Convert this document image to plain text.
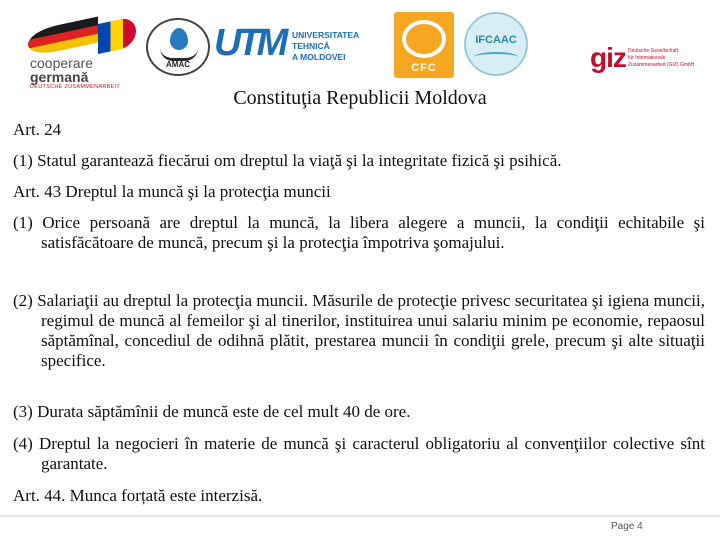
cooperare
germană
DEUTSCHE ZUSAMMENARBEIT
AMAC
UTM UNIVERSITATEA TEHNICĂ
A MOLDOVEI
CFC
IFCAAC
giz Deutsche Gesellschaft
für Internationale
Zusammenarbeit (GIZ) GmbH
Constituţia Republicii Moldova

Art. 24

(1) Statul garantează fiecărui om dreptul la viaţă şi la integritate fizică şi psihică.

Art. 43 Dreptul la muncă şi la protecţia muncii

(1) Orice persoană are dreptul la muncă, la libera alegere a muncii, la condiţii echitabile şi satisfăcătoare de muncă, precum şi la protecţia împotriva şomajului.

(2) Salariaţii au dreptul la protecţia muncii. Măsurile de protecţie privesc securitatea şi igiena muncii, regimul de muncă al femeilor şi al tinerilor, instituirea unui salariu minim pe economie, repaosul săptămînal, concediul de odihnă plătit, prestarea muncii în condiţii grele, precum şi alte situaţii specifice.

(3) Durata săptămînii de muncă este de cel mult 40 de ore.

(4) Dreptul la negocieri în materie de muncă şi caracterul obligatoriu al convenţiilor colective sînt garantate.

Art. 44. Munca forțată este interzisă.

Page 4
